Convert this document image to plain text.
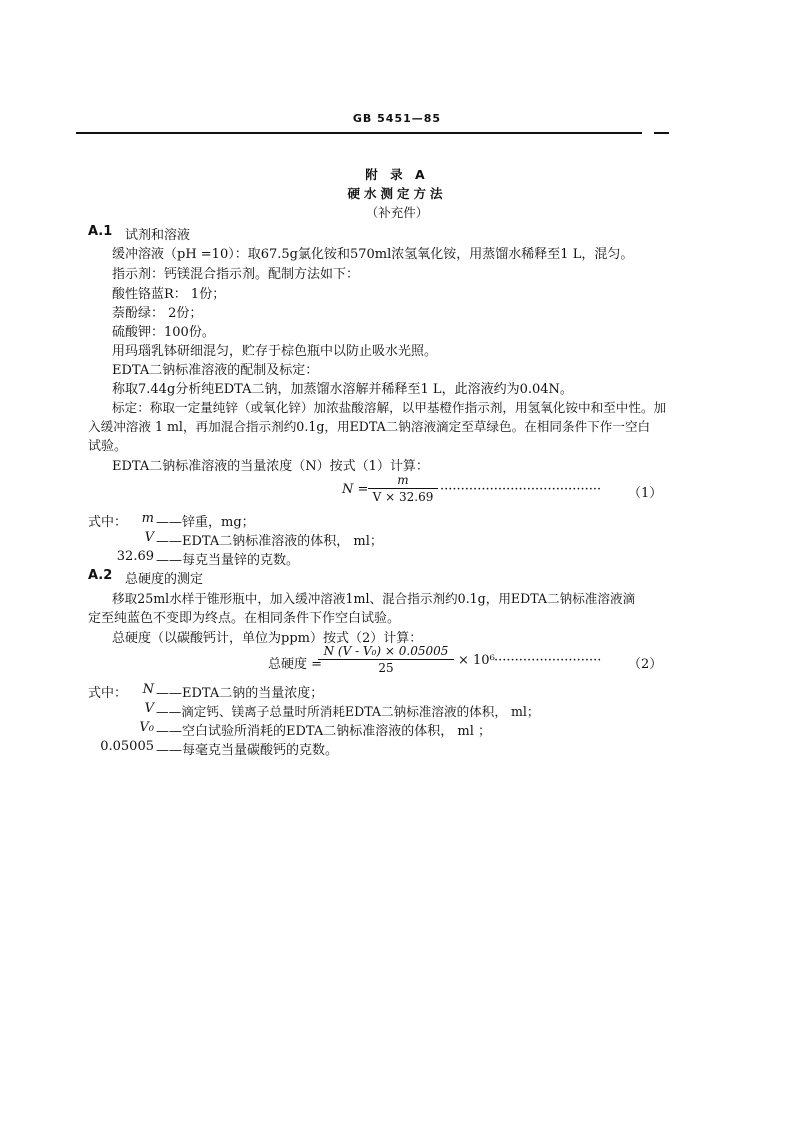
GB 5451—85
附 录 A
硬水测定方法
（补充件）
A.1 试剂和溶液
缓冲溶液（pH =10）：取67.5g氯化铵和570ml浓氢氧化铵，用蒸馏水稀释至1 L，混匀。
指示剂：钙镁混合指示剂。配制方法如下：
酸性铬蓝R： 1份；
萘酚绿： 2份；
硫酸钾：100份。
用玛瑙乳钵研细混匀，贮存于棕色瓶中以防止吸水光照。
EDTA二钠标准溶液的配制及标定：
称取7.44g分析纯EDTA二钠，加蒸馏水溶解并稀释至1 L，此溶液约为0.04N。
标定：称取一定量纯锌（或氧化锌）加浓盐酸溶解，以甲基橙作指示剂，用氢氧化铵中和至中性。加
入缓冲溶液 1 ml，再加混合指示剂约0.1g，用EDTA二钠溶液滴定至草绿色。在相同条件下作一空白
试验。
EDTA二钠标准溶液的当量浓度（N）按式（1）计算：
N =
m
V × 32.69 ······································· （1）
式中：	m ——锌重，mg；
V ——EDTA二钠标准溶液的体积， ml；
32.69 ——每克当量锌的克数。
A.2 总硬度的测定
移取25ml水样于锥形瓶中，加入缓冲溶液1ml、混合指示剂约0.1g，用EDTA二钠标准溶液滴
定至纯蓝色不变即为终点。在相同条件下作空白试验。
总硬度（以碳酸钙计，单位为ppm）按式（2）计算：
总硬度 =
N (V - V₀) × 0.05005
25	× 10⁶ ·························· （2）
式中：	N ——EDTA二钠的当量浓度；
V ——滴定钙、镁离子总量时所消耗EDTA二钠标准溶液的体积， ml；
V₀ ——空白试验所消耗的EDTA二钠标准溶液的体积， ml ；
0.05005 ——每毫克当量碳酸钙的克数。
